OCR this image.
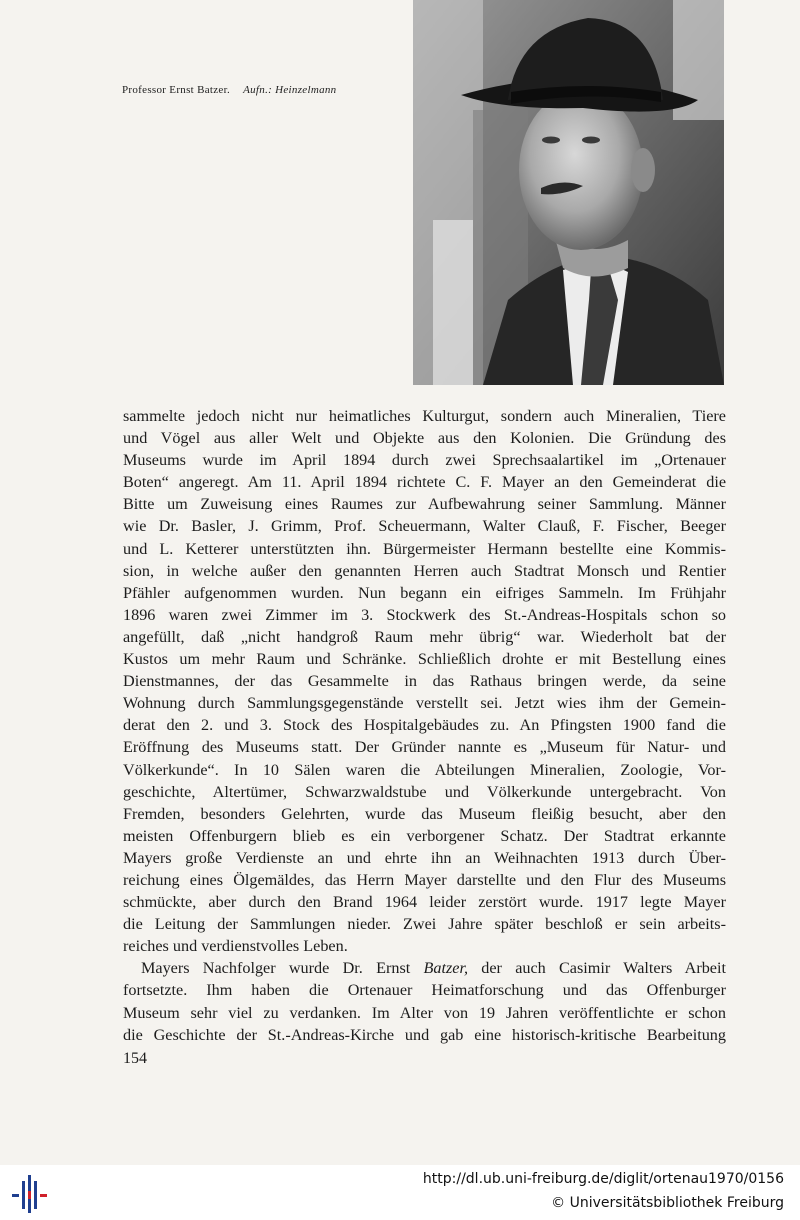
Professor Ernst Batzer. Aufn.: Heinzelmann
sammelte jedoch nicht nur heimatliches Kulturgut, sondern auch Mineralien, Tiere
und Vögel aus aller Welt und Objekte aus den Kolonien. Die Gründung des
Museums wurde im April 1894 durch zwei Sprechsaalartikel im „Ortenauer
Boten“ angeregt. Am 11. April 1894 richtete C. F. Mayer an den Gemeinderat die
Bitte um Zuweisung eines Raumes zur Aufbewahrung seiner Sammlung. Männer
wie Dr. Basler, J. Grimm, Prof. Scheuermann, Walter Clauß, F. Fischer, Beeger
und L. Ketterer unterstützten ihn. Bürgermeister Hermann bestellte eine Kommis-
sion, in welche außer den genannten Herren auch Stadtrat Monsch und Rentier
Pfähler aufgenommen wurden. Nun begann ein eifriges Sammeln. Im Frühjahr
1896 waren zwei Zimmer im 3. Stockwerk des St.-Andreas-Hospitals schon so
angefüllt, daß „nicht handgroß Raum mehr übrig“ war. Wiederholt bat der
Kustos um mehr Raum und Schränke. Schließlich drohte er mit Bestellung eines
Dienstmannes, der das Gesammelte in das Rathaus bringen werde, da seine
Wohnung durch Sammlungsgegenstände verstellt sei. Jetzt wies ihm der Gemein-
derat den 2. und 3. Stock des Hospitalgebäudes zu. An Pfingsten 1900 fand die
Eröffnung des Museums statt. Der Gründer nannte es „Museum für Natur- und
Völkerkunde“. In 10 Sälen waren die Abteilungen Mineralien, Zoologie, Vor-
geschichte, Altertümer, Schwarzwaldstube und Völkerkunde untergebracht. Von
Fremden, besonders Gelehrten, wurde das Museum fleißig besucht, aber den
meisten Offenburgern blieb es ein verborgener Schatz. Der Stadtrat erkannte
Mayers große Verdienste an und ehrte ihn an Weihnachten 1913 durch Über-
reichung eines Ölgemäldes, das Herrn Mayer darstellte und den Flur des Museums
schmückte, aber durch den Brand 1964 leider zerstört wurde. 1917 legte Mayer
die Leitung der Sammlungen nieder. Zwei Jahre später beschloß er sein arbeits-
reiches und verdienstvolles Leben.
Mayers Nachfolger wurde Dr. Ernst Batzer, der auch Casimir Walters Arbeit
fortsetzte. Ihm haben die Ortenauer Heimatforschung und das Offenburger
Museum sehr viel zu verdanken. Im Alter von 19 Jahren veröffentlichte er schon
die Geschichte der St.-Andreas-Kirche und gab eine historisch-kritische Bearbeitung
154
http://dl.ub.uni-freiburg.de/diglit/ortenau1970/0156
© Universitätsbibliothek Freiburg
